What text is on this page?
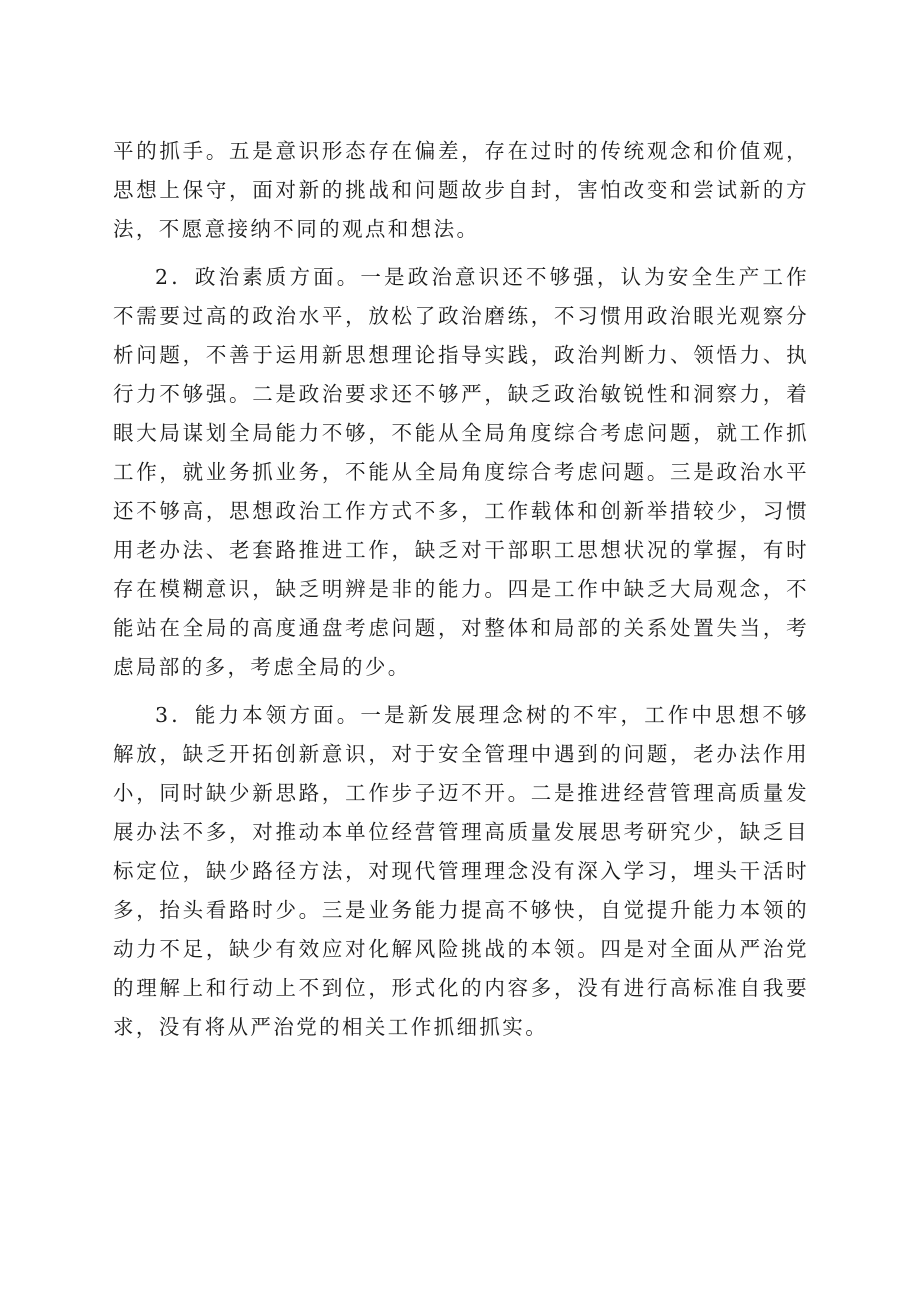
平的抓手。五是意识形态存在偏差，存在过时的传统观念和价值观，思想上保守，面对新的挑战和问题故步自封，害怕改变和尝试新的方法，不愿意接纳不同的观点和想法。

2．政治素质方面。一是政治意识还不够强，认为安全生产工作不需要过高的政治水平，放松了政治磨练，不习惯用政治眼光观察分析问题，不善于运用新思想理论指导实践，政治判断力、领悟力、执行力不够强。二是政治要求还不够严，缺乏政治敏锐性和洞察力，着眼大局谋划全局能力不够，不能从全局角度综合考虑问题，就工作抓工作，就业务抓业务，不能从全局角度综合考虑问题。三是政治水平还不够高，思想政治工作方式不多，工作载体和创新举措较少，习惯用老办法、老套路推进工作，缺乏对干部职工思想状况的掌握，有时存在模糊意识，缺乏明辨是非的能力。四是工作中缺乏大局观念，不能站在全局的高度通盘考虑问题，对整体和局部的关系处置失当，考虑局部的多，考虑全局的少。

3．能力本领方面。一是新发展理念树的不牢，工作中思想不够解放，缺乏开拓创新意识，对于安全管理中遇到的问题，老办法作用小，同时缺少新思路，工作步子迈不开。二是推进经营管理高质量发展办法不多，对推动本单位经营管理高质量发展思考研究少，缺乏目标定位，缺少路径方法，对现代管理理念没有深入学习，埋头干活时多，抬头看路时少。三是业务能力提高不够快，自觉提升能力本领的动力不足，缺少有效应对化解风险挑战的本领。四是对全面从严治党的理解上和行动上不到位，形式化的内容多，没有进行高标准自我要求，没有将从严治党的相关工作抓细抓实。
